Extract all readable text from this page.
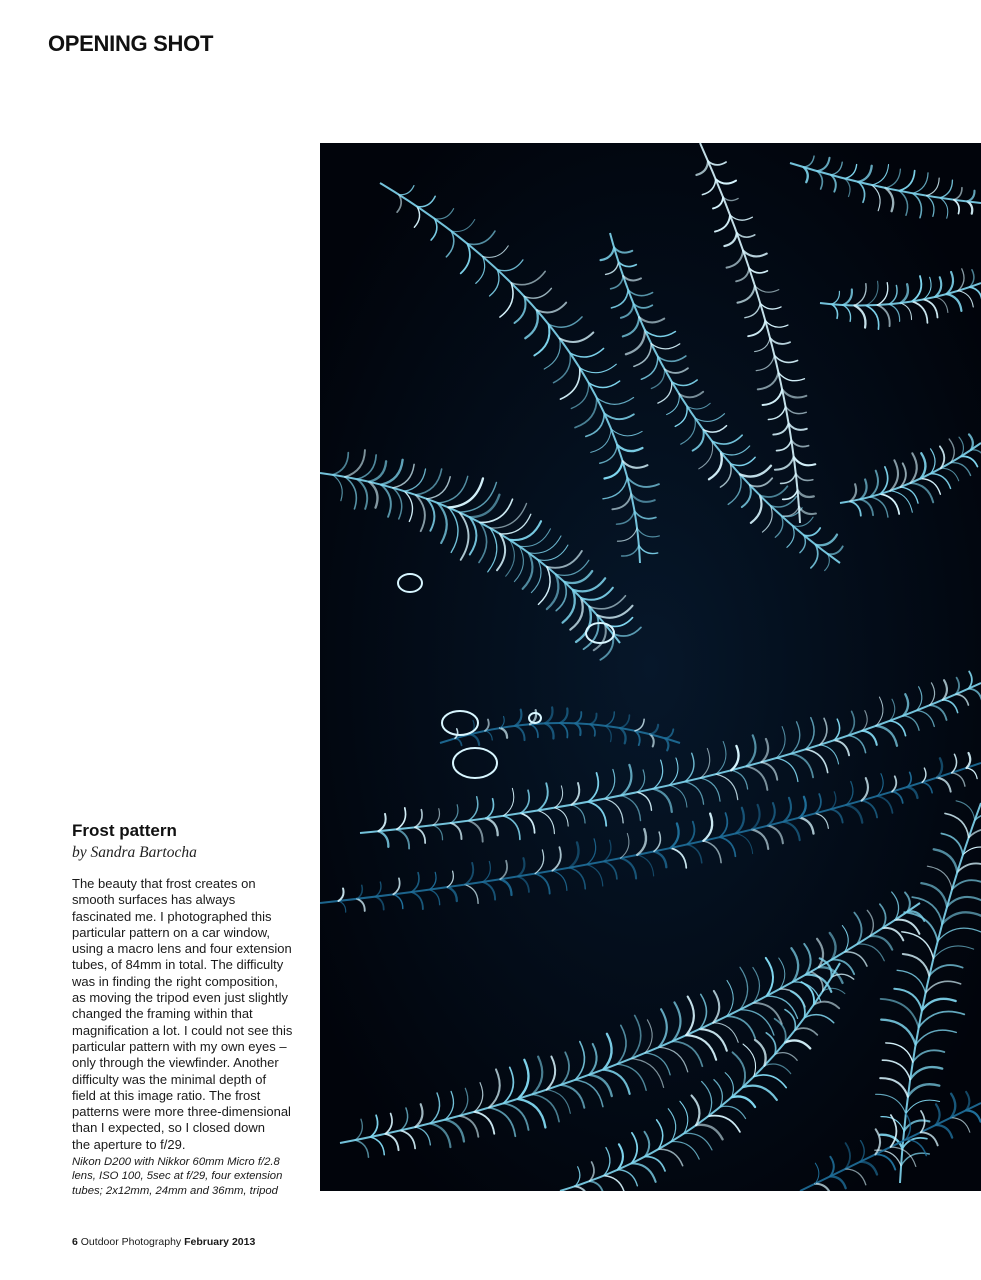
OPENING SHOT
Frost pattern
by Sandra Bartocha

The beauty that frost creates on
smooth surfaces has always
fascinated me. I photographed this
particular pattern on a car window,
using a macro lens and four extension
tubes, of 84mm in total. The difficulty
was in finding the right composition,
as moving the tripod even just slightly
changed the framing within that
magnification a lot. I could not see this
particular pattern with my own eyes –
only through the viewfinder. Another
difficulty was the minimal depth of
field at this image ratio. The frost
patterns were more three-dimensional
than I expected, so I closed down
the aperture to f/29.

Nikon D200 with Nikkor 60mm Micro f/2.8
lens, ISO 100, 5sec at f/29, four extension
tubes; 2x12mm, 24mm and 36mm, tripod

6 Outdoor Photography February 2013
